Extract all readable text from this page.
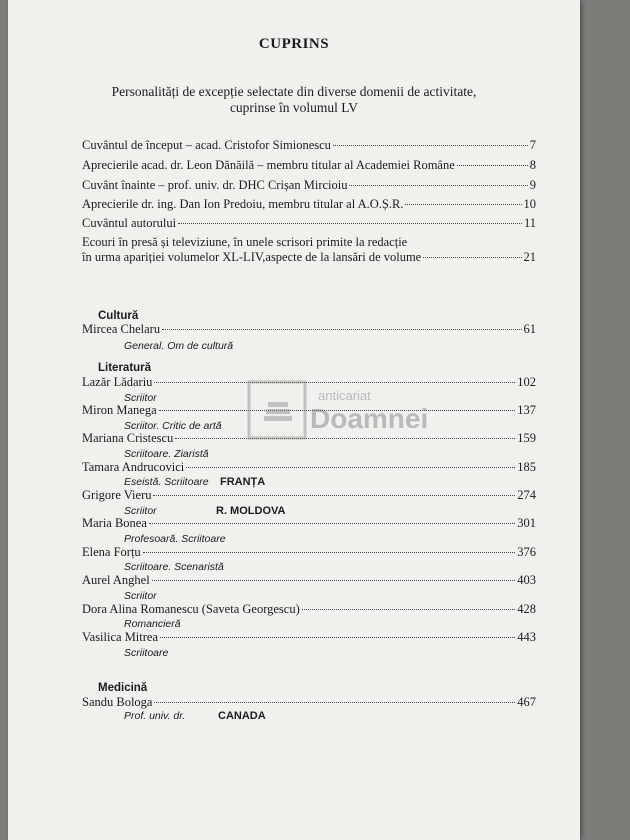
CUPRINS
Personalități de excepție selectate din diverse domenii de activitate,
cuprinse în volumul LV
Cuvântul de început – acad. Cristofor Simionescu	7
Aprecierile acad. dr. Leon Dănăilă – membru titular al Academiei Române	8
Cuvânt înainte – prof. univ. dr. DHC Crișan Mircioiu	9
Aprecierile dr. ing. Dan Ion Predoiu, membru titular al A.O.Ș.R.	10
Cuvântul autorului	11
Ecouri în presă și televiziune, în unele scrisori primite la redacție
în urma apariției volumelor XL-LIV,aspecte de la lansări de volume	21
Cultură
Mircea Chelaru	61
General. Om de cultură
Literatură
Lazăr Lădariu	102
Scriitor
Miron Manega	137
Scriitor. Critic de artă
Mariana Cristescu	159
Scriitoare. Ziaristă
Tamara Andrucovici	185
Eseistă. Scriitoare FRANȚA
Grigore Vieru	274
Scriitor	R. MOLDOVA
Maria Bonea	301
Profesoară. Scriitoare
Elena Forțu	376
Scriitoare. Scenaristă
Aurel Anghel	403
Scriitor
Dora Alina Romanescu (Saveta Georgescu)	428
Romancieră
Vasilica Mitrea	443
Scriitoare
Medicină
Sandu Bologa	467
Prof. univ. dr.	CANADA
anticariat
Doamnei
